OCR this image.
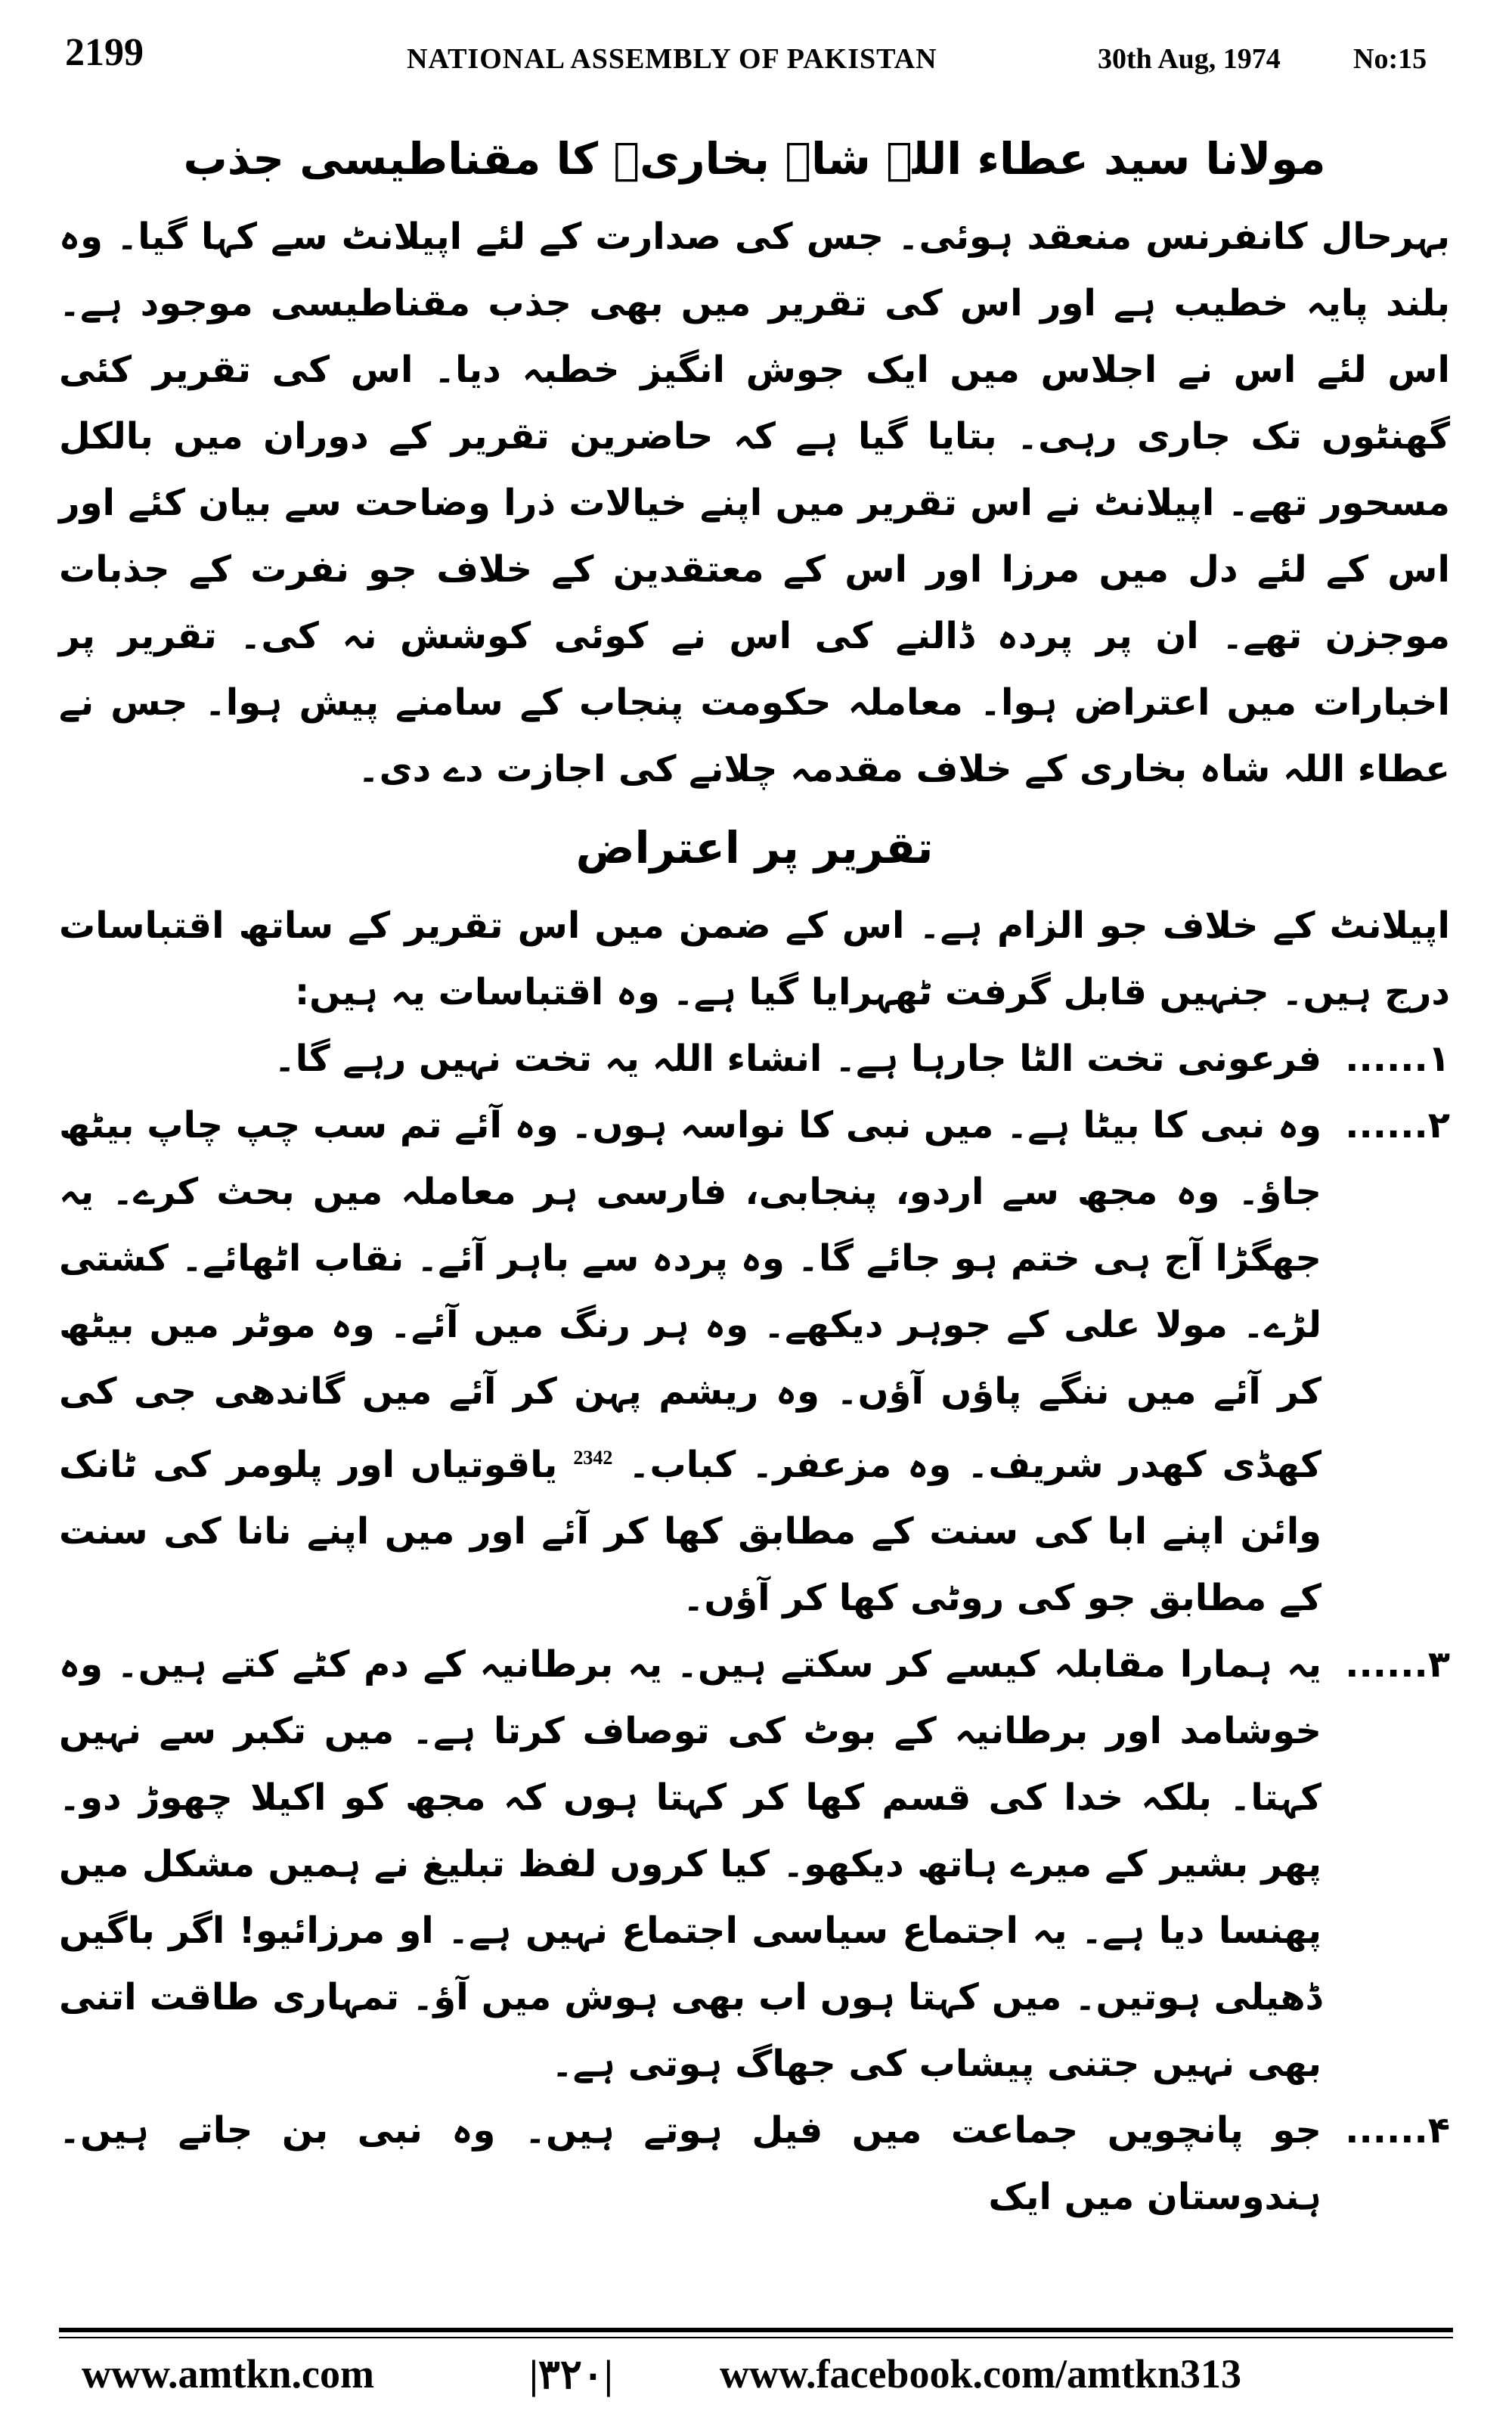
2199	NATIONAL ASSEMBLY OF PAKISTAN	30th Aug, 1974	No:15
مولانا سید عطاء اللہ شاہ بخاریؒ کا مقناطیسی جذب

بہرحال کانفرنس منعقد ہوئی۔ جس کی صدارت کے لئے اپیلانٹ سے کہا گیا۔ وہ بلند پایہ خطیب ہے اور اس کی تقریر میں بھی جذب مقناطیسی موجود ہے۔ اس لئے اس نے اجلاس میں ایک جوش انگیز خطبہ دیا۔ اس کی تقریر کئی گھنٹوں تک جاری رہی۔ بتایا گیا ہے کہ حاضرین تقریر کے دوران میں بالکل مسحور تھے۔ اپیلانٹ نے اس تقریر میں اپنے خیالات ذرا وضاحت سے بیان کئے اور اس کے لئے دل میں مرزا اور اس کے معتقدین کے خلاف جو نفرت کے جذبات موجزن تھے۔ ان پر پردہ ڈالنے کی اس نے کوئی کوشش نہ کی۔ تقریر پر اخبارات میں اعتراض ہوا۔ معاملہ حکومت پنجاب کے سامنے پیش ہوا۔ جس نے عطاء اللہ شاہ بخاری کے خلاف مقدمہ چلانے کی اجازت دے دی۔

تقریر پر اعتراض

اپیلانٹ کے خلاف جو الزام ہے۔ اس کے ضمن میں اس تقریر کے ساتھ اقتباسات درج ہیں۔ جنہیں قابل گرفت ٹھہرایا گیا ہے۔ وہ اقتباسات یہ ہیں:

۱......
فرعونی تخت الٹا جارہا ہے۔ انشاء اللہ یہ تخت نہیں رہے گا۔
۲......
وہ نبی کا بیٹا ہے۔ میں نبی کا نواسہ ہوں۔ وہ آئے تم سب چپ چاپ بیٹھ جاؤ۔ وہ مجھ سے اردو، پنجابی، فارسی ہر معاملہ میں بحث کرے۔ یہ جھگڑا آج ہی ختم ہو جائے گا۔ وہ پردہ سے باہر آئے۔ نقاب اٹھائے۔ کشتی لڑے۔ مولا علی کے جوہر دیکھے۔ وہ ہر رنگ میں آئے۔ وہ موٹر میں بیٹھ کر آئے میں ننگے پاؤں آؤں۔ وہ ریشم پہن کر آئے میں گاندھی جی کی کھڈی کھدر شریف۔ وہ مزعفر۔ کباب۔ $^{2342}$ یاقوتیاں اور پلومر کی ٹانک وائن اپنے ابا کی سنت کے مطابق کھا کر آئے اور میں اپنے نانا کی سنت کے مطابق جو کی روٹی کھا کر آؤں۔
۳......
یہ ہمارا مقابلہ کیسے کر سکتے ہیں۔ یہ برطانیہ کے دم کٹے کتے ہیں۔ وہ خوشامد اور برطانیہ کے بوٹ کی توصاف کرتا ہے۔ میں تکبر سے نہیں کہتا۔ بلکہ خدا کی قسم کھا کر کہتا ہوں کہ مجھ کو اکیلا چھوڑ دو۔ پھر بشیر کے میرے ہاتھ دیکھو۔ کیا کروں لفظ تبلیغ نے ہمیں مشکل میں پھنسا دیا ہے۔ یہ اجتماع سیاسی اجتماع نہیں ہے۔ او مرزائیو! اگر باگیں ڈھیلی ہوتیں۔ میں کہتا ہوں اب بھی ہوش میں آؤ۔ تمہاری طاقت اتنی بھی نہیں جتنی پیشاب کی جھاگ ہوتی ہے۔
۴......
جو پانچویں جماعت میں فیل ہوتے ہیں۔ وہ نبی بن جاتے ہیں۔ ہندوستان میں ایک
www.amtkn.com	|۳۲۰|	www.facebook.com/amtkn313
